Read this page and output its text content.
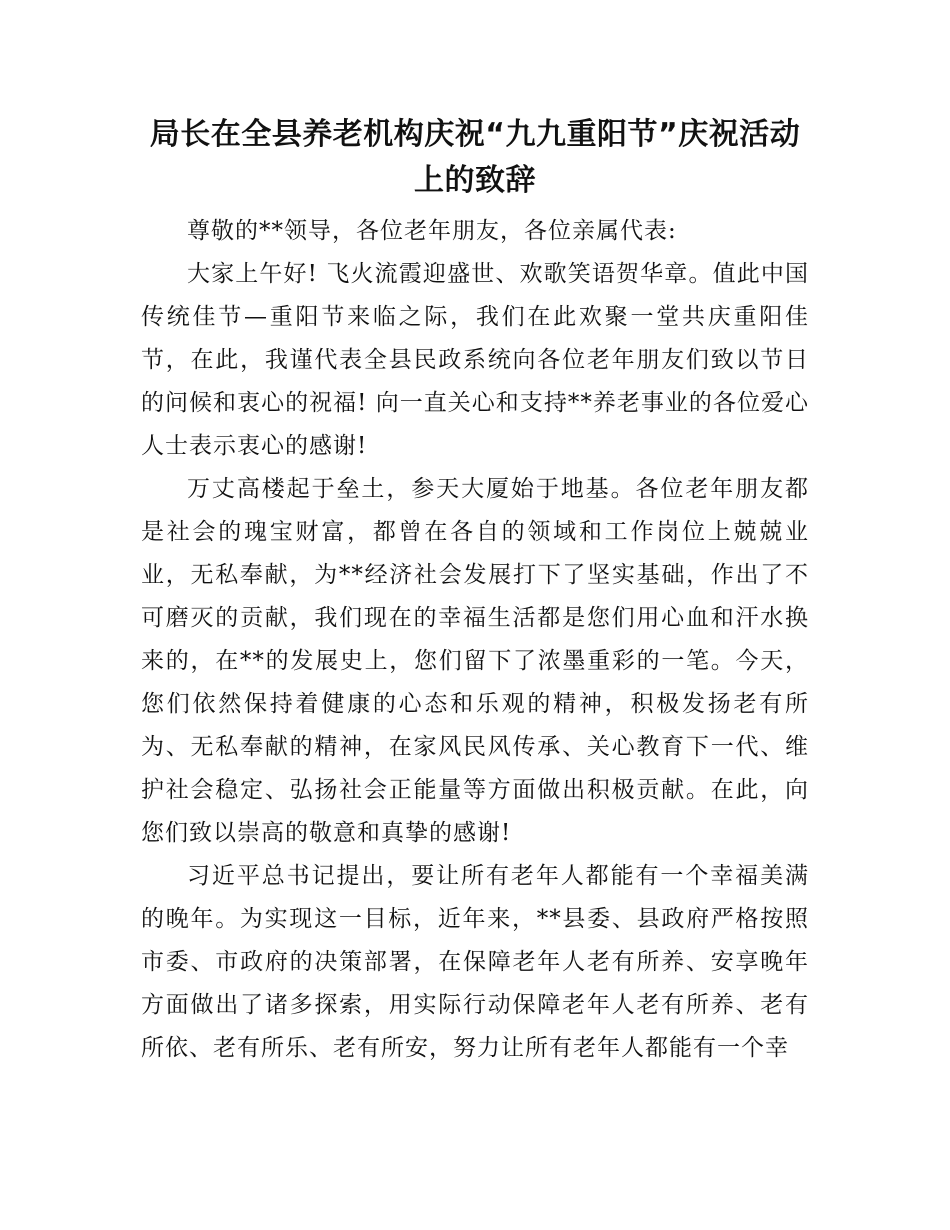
局长在全县养老机构庆祝“九九重阳节”庆祝活动上的致辞

尊敬的**领导，各位老年朋友，各位亲属代表:

大家上午好! 飞火流霞迎盛世、欢歌笑语贺华章。值此中国传统佳节—重阳节来临之际，我们在此欢聚一堂共庆重阳佳节，在此，我谨代表全县民政系统向各位老年朋友们致以节日的问候和衷心的祝福! 向一直关心和支持**养老事业的各位爱心人士表示衷心的感谢!

万丈高楼起于垒土，参天大厦始于地基。各位老年朋友都是社会的瑰宝财富，都曾在各自的领域和工作岗位上兢兢业业，无私奉献，为**经济社会发展打下了坚实基础，作出了不可磨灭的贡献，我们现在的幸福生活都是您们用心血和汗水换来的，在**的发展史上，您们留下了浓墨重彩的一笔。今天，您们依然保持着健康的心态和乐观的精神，积极发扬老有所为、无私奉献的精神，在家风民风传承、关心教育下一代、维护社会稳定、弘扬社会正能量等方面做出积极贡献。在此，向您们致以崇高的敬意和真挚的感谢!

习近平总书记提出，要让所有老年人都能有一个幸福美满的晚年。为实现这一目标，近年来，**县委、县政府严格按照市委、市政府的决策部署，在保障老年人老有所养、安享晚年方面做出了诸多探索，用实际行动保障老年人老有所养、老有所依、老有所乐、老有所安，努力让所有老年人都能有一个幸
